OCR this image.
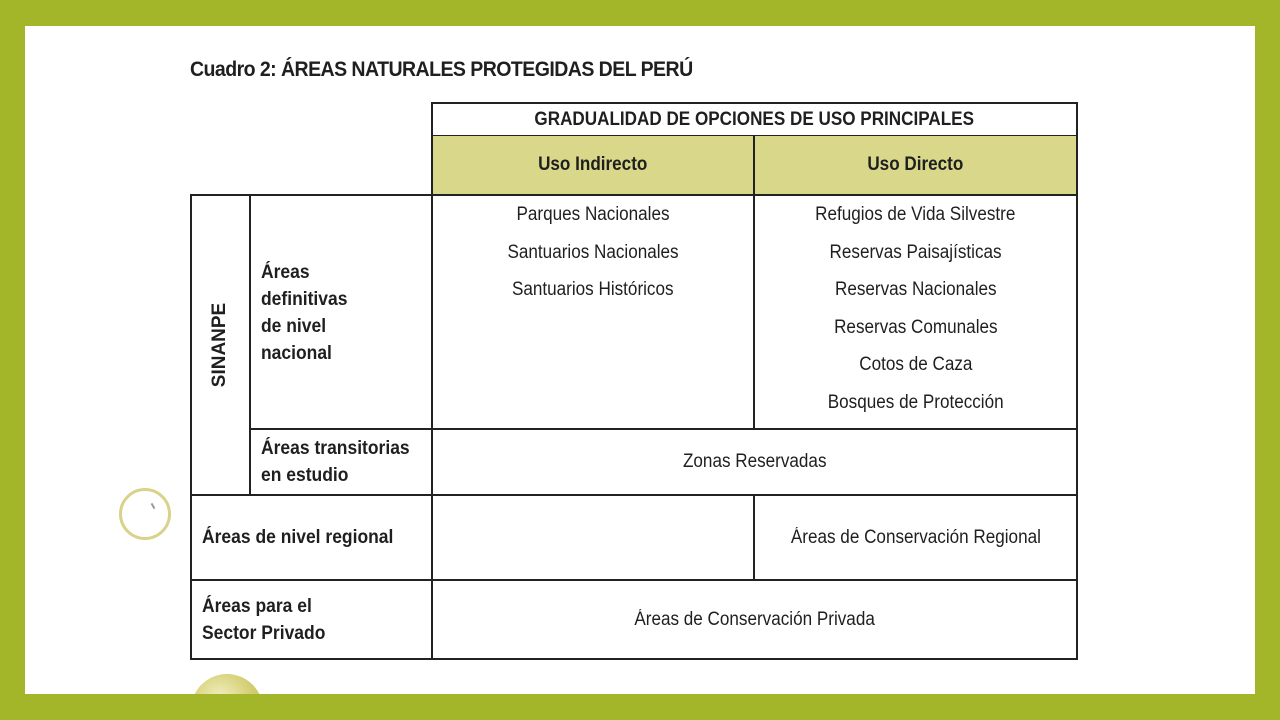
Cuadro 2: ÁREAS NATURALES PROTEGIDAS DEL PERÚ
Uso Indirecto	Uso Directo
GRADUALIDAD DE OPCIONES DE USO PRINCIPALES
SINANPE
Áreas
definitivas
de nivel
nacional
Parques Nacionales
Santuarios Nacionales
Santuarios Históricos
Refugios de Vida Silvestre
Reservas Paisajísticas
Reservas Nacionales
Reservas Comunales
Cotos de Caza
Bosques de Protección
Áreas transitorias
en estudio
Zonas Reservadas
Áreas de nivel regional	Áreas de Conservación Regional
Áreas para el
Sector Privado
Áreas de Conservación Privada
